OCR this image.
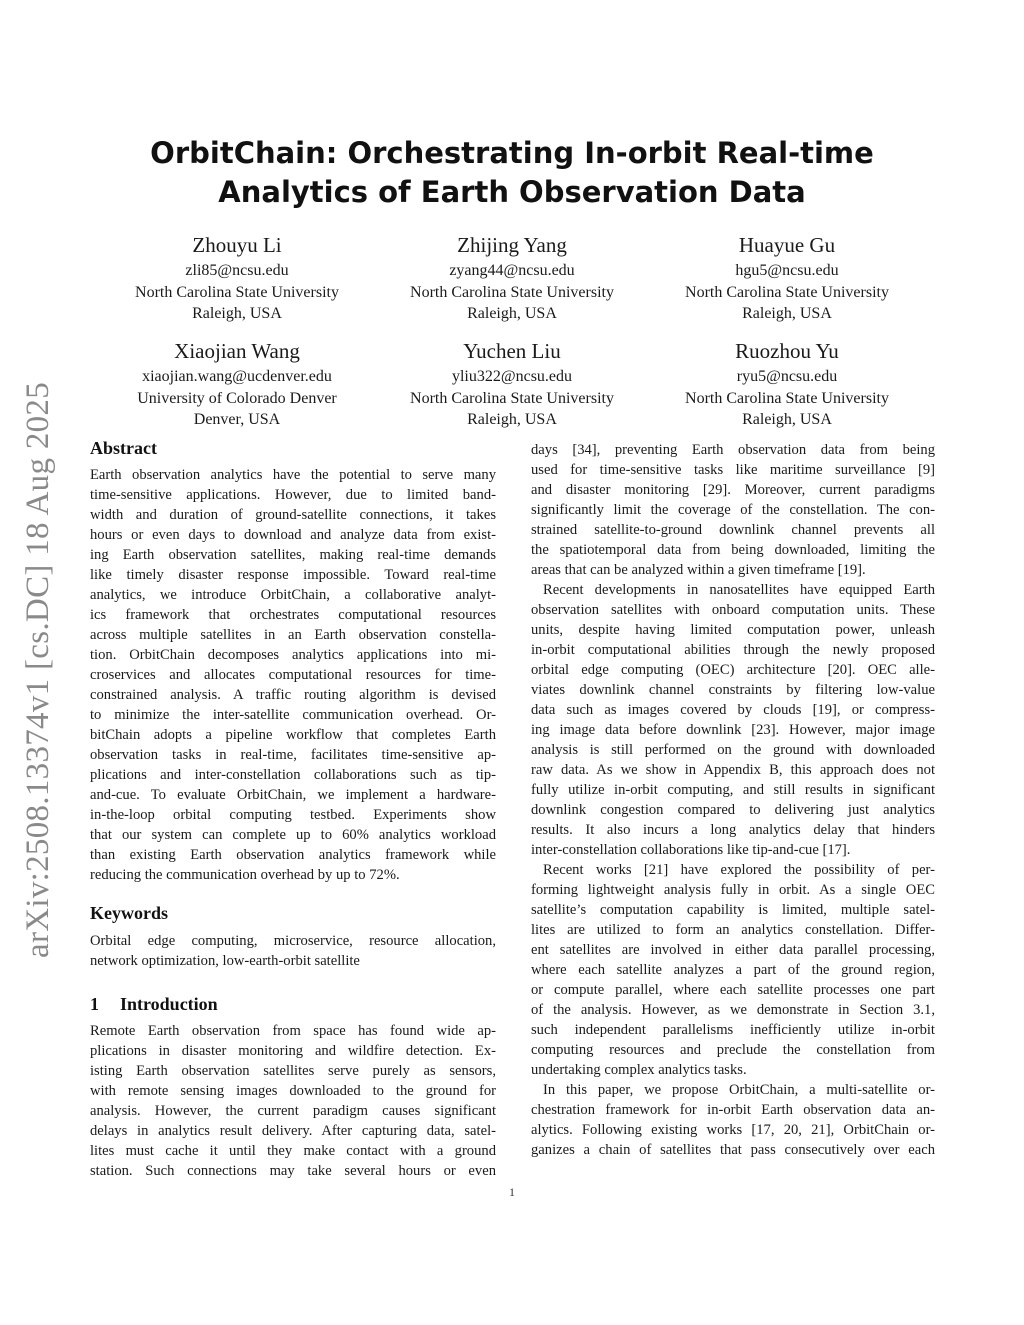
arXiv:2508.13374v1 [cs.DC] 18 Aug 2025
OrbitChain: Orchestrating In-orbit Real-time
Analytics of Earth Observation Data
Zhouyu Li
zli85@ncsu.edu
North Carolina State University
Raleigh, USA
Zhijing Yang
zyang44@ncsu.edu
North Carolina State University
Raleigh, USA
Huayue Gu
hgu5@ncsu.edu
North Carolina State University
Raleigh, USA
Xiaojian Wang
xiaojian.wang@ucdenver.edu
University of Colorado Denver
Denver, USA
Yuchen Liu
yliu322@ncsu.edu
North Carolina State University
Raleigh, USA
Ruozhou Yu
ryu5@ncsu.edu
North Carolina State University
Raleigh, USA
Abstract
Earth observation analytics have the potential to serve many
time-sensitive applications. However, due to limited band-
width and duration of ground-satellite connections, it takes
hours or even days to download and analyze data from exist-
ing Earth observation satellites, making real-time demands
like timely disaster response impossible. Toward real-time
analytics, we introduce OrbitChain, a collaborative analyt-
ics framework that orchestrates computational resources
across multiple satellites in an Earth observation constella-
tion. OrbitChain decomposes analytics applications into mi-
croservices and allocates computational resources for time-
constrained analysis. A traffic routing algorithm is devised
to minimize the inter-satellite communication overhead. Or-
bitChain adopts a pipeline workflow that completes Earth
observation tasks in real-time, facilitates time-sensitive ap-
plications and inter-constellation collaborations such as tip-
and-cue. To evaluate OrbitChain, we implement a hardware-
in-the-loop orbital computing testbed. Experiments show
that our system can complete up to 60% analytics workload
than existing Earth observation analytics framework while
reducing the communication overhead by up to 72%.
Keywords
Orbital edge computing, microservice, resource allocation,
network optimization, low-earth-orbit satellite
1 Introduction
Remote Earth observation from space has found wide ap-
plications in disaster monitoring and wildfire detection. Ex-
isting Earth observation satellites serve purely as sensors,
with remote sensing images downloaded to the ground for
analysis. However, the current paradigm causes significant
delays in analytics result delivery. After capturing data, satel-
lites must cache it until they make contact with a ground
station. Such connections may take several hours or even
days [34], preventing Earth observation data from being
used for time-sensitive tasks like maritime surveillance [9]
and disaster monitoring [29]. Moreover, current paradigms
significantly limit the coverage of the constellation. The con-
strained satellite-to-ground downlink channel prevents all
the spatiotemporal data from being downloaded, limiting the
areas that can be analyzed within a given timeframe [19].
Recent developments in nanosatellites have equipped Earth
observation satellites with onboard computation units. These
units, despite having limited computation power, unleash
in-orbit computational abilities through the newly proposed
orbital edge computing (OEC) architecture [20]. OEC alle-
viates downlink channel constraints by filtering low-value
data such as images covered by clouds [19], or compress-
ing image data before downlink [23]. However, major image
analysis is still performed on the ground with downloaded
raw data. As we show in Appendix B, this approach does not
fully utilize in-orbit computing, and still results in significant
downlink congestion compared to delivering just analytics
results. It also incurs a long analytics delay that hinders
inter-constellation collaborations like tip-and-cue [17].
Recent works [21] have explored the possibility of per-
forming lightweight analysis fully in orbit. As a single OEC
satellite’s computation capability is limited, multiple satel-
lites are utilized to form an analytics constellation. Differ-
ent satellites are involved in either data parallel processing,
where each satellite analyzes a part of the ground region,
or compute parallel, where each satellite processes one part
of the analysis. However, as we demonstrate in Section 3.1,
such independent parallelisms inefficiently utilize in-orbit
computing resources and preclude the constellation from
undertaking complex analytics tasks.
In this paper, we propose OrbitChain, a multi-satellite or-
chestration framework for in-orbit Earth observation data an-
alytics. Following existing works [17, 20, 21], OrbitChain or-
ganizes a chain of satellites that pass consecutively over each
1
